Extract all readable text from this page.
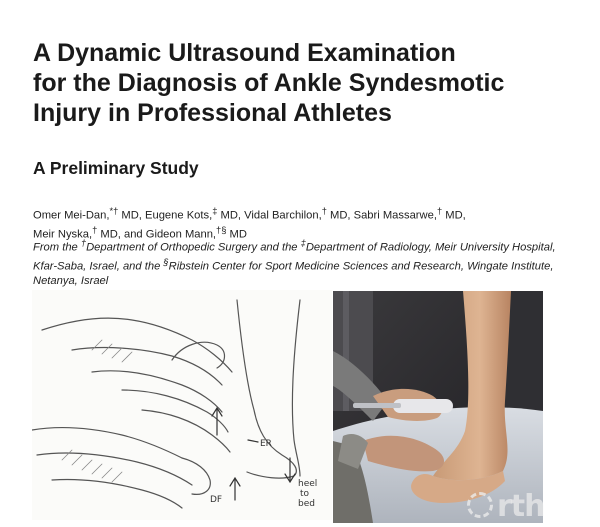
A Dynamic Ultrasound Examination
for the Diagnosis of Ankle Syndesmotic
Injury in Professional Athletes
A Preliminary Study
Omer Mei-Dan,*† MD, Eugene Kots,‡ MD, Vidal Barchilon,† MD, Sabri Massarwe,† MD,
Meir Nyska,† MD, and Gideon Mann,†§ MD
From the †Department of Orthopedic Surgery and the ‡Department of Radiology, Meir University Hospital, Kfar-Saba, Israel, and the §Ribstein Center for Sport Medicine Sciences and Research, Wingate Institute, Netanya, Israel
ER
DF
heel
to
bed	rth
